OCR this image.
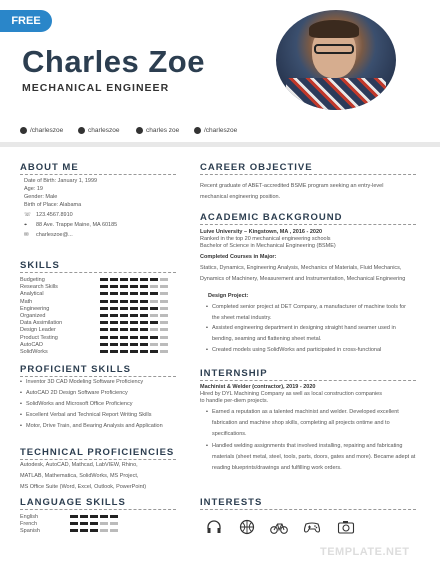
FREE
Charles Zoe
MECHANICAL ENGINEER
/charleszoe	charleszoe	charles zoe	/charleszoe
ABOUT ME
Date of Birth: January 1, 1999
Age: 19
Gender: Male
Birth of Place: Alabama
☏ 123.4567.8910
⌖ 88 Ave. Trappe Maine, MA 60185
✉ charleszoe@...
SKILLS
Budgeting
Research Skills
Analytical
Math
Engineering
Organized
Data Assimilation
Design Leader
Product Testing
AutoCAD
SolidWorks
PROFICIENT SKILLS
• Inventor 3D CAD Modeling Software Proficiency
• AutoCAD 2D Design Software Proficiency
• SolidWorks and Microsoft Office Proficiency
• Excellent Verbal and Technical Report Writing Skills
• Motor, Drive Train, and Bearing Analysis and Application
TECHNICAL PROFICIENCIES
Autodesk, AutoCAD, Mathcad, LabVIEW, Rhino,
MATLAB, Mathematica, SolidWorks, MS Project,
MS Office Suite (Word, Excel, Outlook, PowerPoint)
LANGUAGE SKILLS
English
French
Spanish
CAREER OBJECTIVE
Recent graduate of ABET-accredited BSME program seeking an entry-level
mechanical engineering position.
ACADEMIC BACKGROUND
Luive University – Kingstown, MA , 2016 - 2020
Ranked in the top 20 mechanical engineering schools
Bachelor of Science in Mechanical Engineering (BSME)
Completed Courses in Major:
Statics, Dynamics, Engineering Analysis, Mechanics of Materials, Fluid Mechanics,
Dynamics of Machinery, Measurement and Instrumentation, Mechanical Engineering
Design Project:
• Completed senior project at DET Company, a manufacturer of machine tools for
the sheet metal industry.
• Assisted engineering department in designing straight hand seamer used in
bending, seaming and flattening sheet metal.
• Created models using SolidWorks and participated in cross-functional
INTERNSHIP
Machinist & Welder (contractor), 2019 - 2020
Hired by DYL Machining Company as well as local construction companies
to handle per-diem projects.
• Earned a reputation as a talented machinist and welder. Developed excellent
fabrication and machine shop skills, completing all projects ontime and to
specifications.
• Handled welding assignments that involved installing, repairing and fabricating
materials (sheet metal, steel, tools, parts, doors, gates and more). Became adept at
reading blueprints/drawings and fulfilling work orders.
INTERESTS
TEMPLATE.NET
